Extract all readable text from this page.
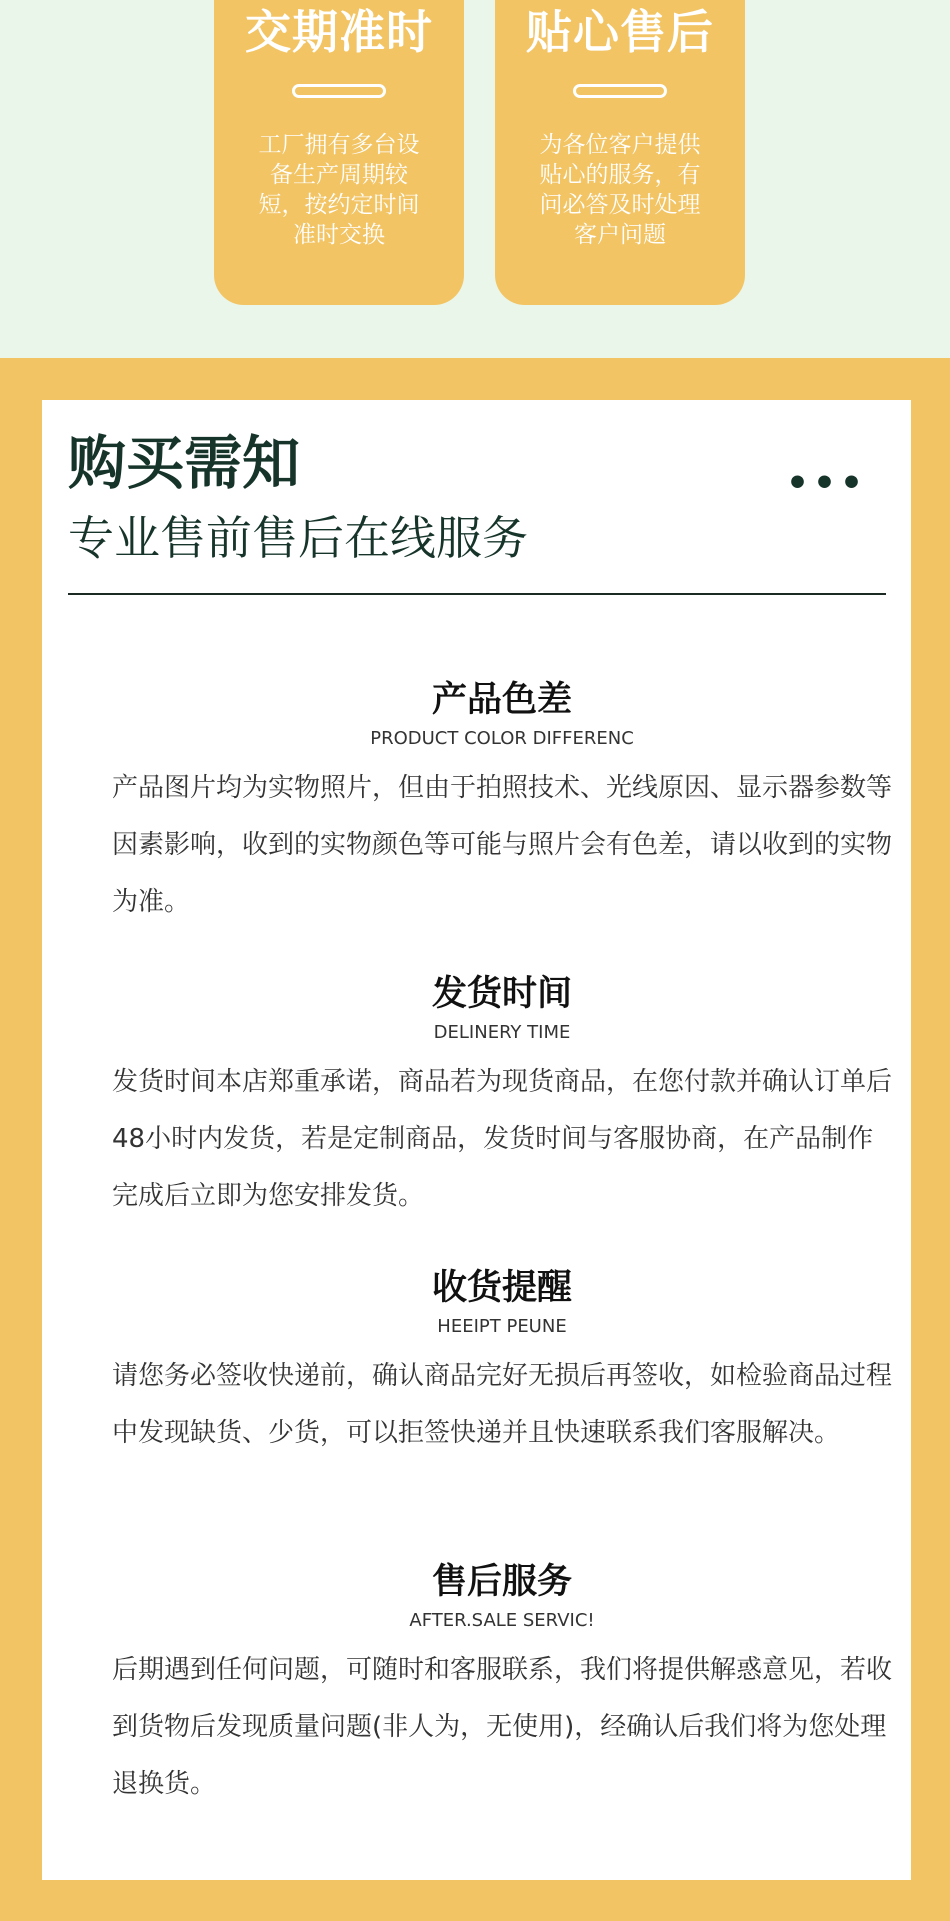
交期准时
工厂拥有多台设备生产周期较短，按约定时间准时交换
贴心售后
为各位客户提供贴心的服务，有问必答及时处理客户问题
购买需知	•••
专业售前售后在线服务
产品色差
PRODUCT COLOR DIFFERENC
产品图片均为实物照片，但由于拍照技术、光线原因、显示器参数等因素影响，收到的实物颜色等可能与照片会有色差，请以收到的实物为准。
发货时间
DELINERY TIME
发货时间本店郑重承诺，商品若为现货商品，在您付款并确认订单后48小时内发货，若是定制商品，发货时间与客服协商，在产品制作完成后立即为您安排发货。
收货提醒
HEEIPT PEUNE
请您务必签收快递前，确认商品完好无损后再签收，如检验商品过程中发现缺货、少货，可以拒签快递并且快速联系我们客服解决。
售后服务
AFTER.SALE SERVIC!
后期遇到任何问题，可随时和客服联系，我们将提供解惑意见，若收到货物后发现质量问题(非人为，无使用)，经确认后我们将为您处理退换货。
